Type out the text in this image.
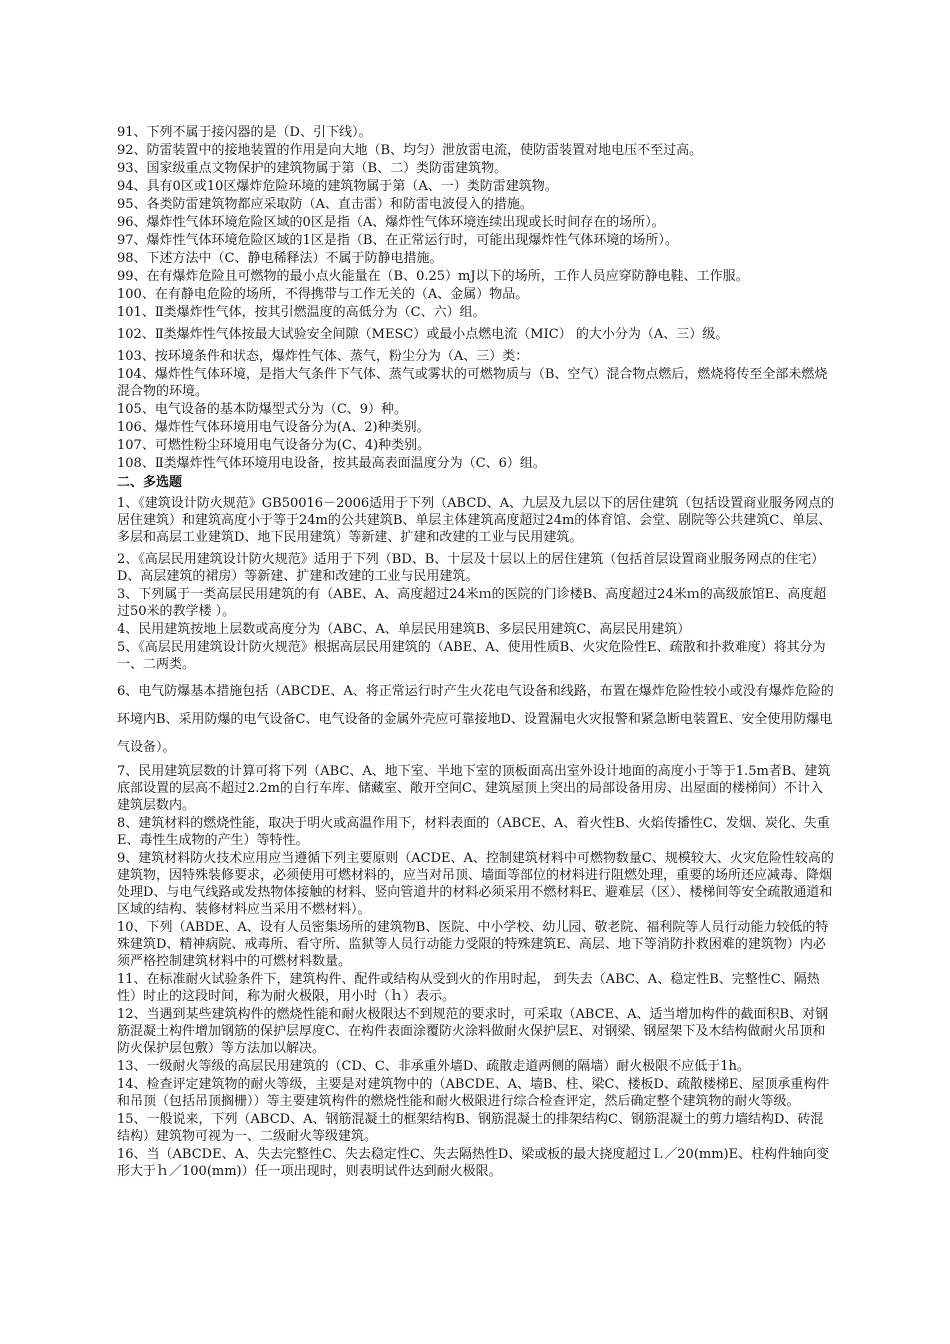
91、下列不属于接闪器的是（D、引下线）。

92、防雷装置中的接地装置的作用是向大地（B、均匀）泄放雷电流，使防雷装置对地电压不至过高。

93、国家级重点文物保护的建筑物属于第（B、二）类防雷建筑物。

94、具有0区或10区爆炸危险环境的建筑物属于第（A、一）类防雷建筑物。

95、各类防雷建筑物都应采取防（A、直击雷）和防雷电波侵入的措施。

96、爆炸性气体环境危险区域的0区是指（A、爆炸性气体环境连续出现或长时间存在的场所）。

97、爆炸性气体环境危险区域的1区是指（B、在正常运行时，可能出现爆炸性气体环境的场所）。

98、下述方法中（C、静电稀释法）不属于防静电措施。

99、在有爆炸危险且可燃物的最小点火能量在（B、0.25）mJ以下的场所，工作人员应穿防静电鞋、工作服。

100、在有静电危险的场所，不得携带与工作无关的（A、金属）物品。

101、Ⅱ类爆炸性气体，按其引燃温度的高低分为（C、六）组。

102、Ⅱ类爆炸性气体按最大试验安全间隙（MESC）或最小点燃电流（MIC） 的大小分为（A、三）级。

103、按环境条件和状态，爆炸性气体、蒸气，粉尘分为（A、三）类：

104、爆炸性气体环境，是指大气条件下气体、蒸气或雾状的可燃物质与（B、空气）混合物点燃后，燃烧将传至全部未燃烧混合物的环境。

105、电气设备的基本防爆型式分为（C、9）种。

106、爆炸性气体环境用电气设备分为(A、2)种类别。

107、可燃性粉尘环境用电气设备分为(C、4)种类别。

108、Ⅱ类爆炸性气体环境用电设备，按其最高表面温度分为（C、6）组。

二、多选题

1、《建筑设计防火规范》GB50016－2006适用于下列（ABCD、A、九层及九层以下的居住建筑（包括设置商业服务网点的居住建筑）和建筑高度小于等于24m的公共建筑B、单层主体建筑高度超过24m的体育馆、会堂、剧院等公共建筑C、单层、多层和高层工业建筑D、地下民用建筑）等新建、扩建和改建的工业与民用建筑。

2、《高层民用建筑设计防火规范》适用于下列（BD、B、十层及十层以上的居住建筑（包括首层设置商业服务网点的住宅）D、高层建筑的裙房）等新建、扩建和改建的工业与民用建筑。

3、下列属于一类高层民用建筑的有（ABE、A、高度超过24米ｍ的医院的门诊楼B、高度超过24米ｍ的高级旅馆E、高度超过50米的教学楼 ）。

4、民用建筑按地上层数或高度分为（ABC、A、单层民用建筑B、多层民用建筑C、高层民用建筑）

5、《高层民用建筑设计防火规范》根据高层民用建筑的（ABE、A、使用性质B、火灾危险性E、疏散和扑救难度）将其分为一、二两类。

6、电气防爆基本措施包括（ABCDE、A、将正常运行时产生火花电气设备和线路，布置在爆炸危险性较小或没有爆炸危险的环境内B、采用防爆的电气设备C、电气设备的金属外壳应可靠接地D、设置漏电火灾报警和紧急断电装置E、安全使用防爆电气设备）。

7、民用建筑层数的计算可将下列（ABC、A、地下室、半地下室的顶板面高出室外设计地面的高度小于等于1.5m者B、建筑底部设置的层高不超过2.2m的自行车库、储藏室、敞开空间C、建筑屋顶上突出的局部设备用房、出屋面的楼梯间）不计入建筑层数内。

8、建筑材料的燃烧性能，取决于明火或高温作用下，材料表面的（ABCE、A、着火性B、火焰传播性C、发烟、炭化、失重E、毒性生成物的产生）等特性。

9、建筑材料防火技术应用应当遵循下列主要原则（ACDE、A、控制建筑材料中可燃物数量C、规模较大、火灾危险性较高的建筑物，因特殊装修要求，必须使用可燃材料的，应当对吊顶、墙面等部位的材料进行阻燃处理，重要的场所还应减毒、降烟处理D、与电气线路或发热物体接触的材料、竖向管道井的材料必须采用不燃材料E、避难层（区）、楼梯间等安全疏散通道和区域的结构、装修材料应当采用不燃材料）。

10、下列（ABDE、A、设有人员密集场所的建筑物B、医院、中小学校、幼儿园、敬老院、福利院等人员行动能力较低的特殊建筑D、精神病院、戒毒所、看守所、监狱等人员行动能力受限的特殊建筑E、高层、地下等消防扑救困难的建筑物）内必须严格控制建筑材料中的可燃材料数量。

11、在标准耐火试验条件下，建筑构件、配件或结构从受到火的作用时起， 到失去（ABC、A、稳定性B、完整性C、隔热性）时止的这段时间，称为耐火极限，用小时（ｈ）表示。

12、当遇到某些建筑构件的燃烧性能和耐火极限达不到规范的要求时，可采取（ABCE、A、适当增加构件的截面积B、对钢筋混凝土构件增加钢筋的保护层厚度C、在构件表面涂覆防火涂料做耐火保护层E、对钢梁、钢屋架下及木结构做耐火吊顶和防火保护层包敷）等方法加以解决。

13、一级耐火等级的高层民用建筑的（CD、C、非承重外墙D、疏散走道两侧的隔墙）耐火极限不应低于1h。

14、检查评定建筑物的耐火等级，主要是对建筑物中的（ABCDE、A、墙B、柱、梁C、楼板D、疏散楼梯E、屋顶承重构件和吊顶（包括吊顶搁栅））等主要建筑构件的燃烧性能和耐火极限进行综合检查评定，然后确定整个建筑物的耐火等级。

15、一般说来，下列（ABCD、A、钢筋混凝土的框架结构B、钢筋混凝土的排架结构C、钢筋混凝土的剪力墙结构D、砖混结构）建筑物可视为一、二级耐火等级建筑。

16、当（ABCDE、A、失去完整性C、失去稳定性C、失去隔热性D、梁或板的最大挠度超过Ｌ／20(mm)E、柱构件轴向变形大于ｈ／100(mm)）任一项出现时，则表明试件达到耐火极限。
